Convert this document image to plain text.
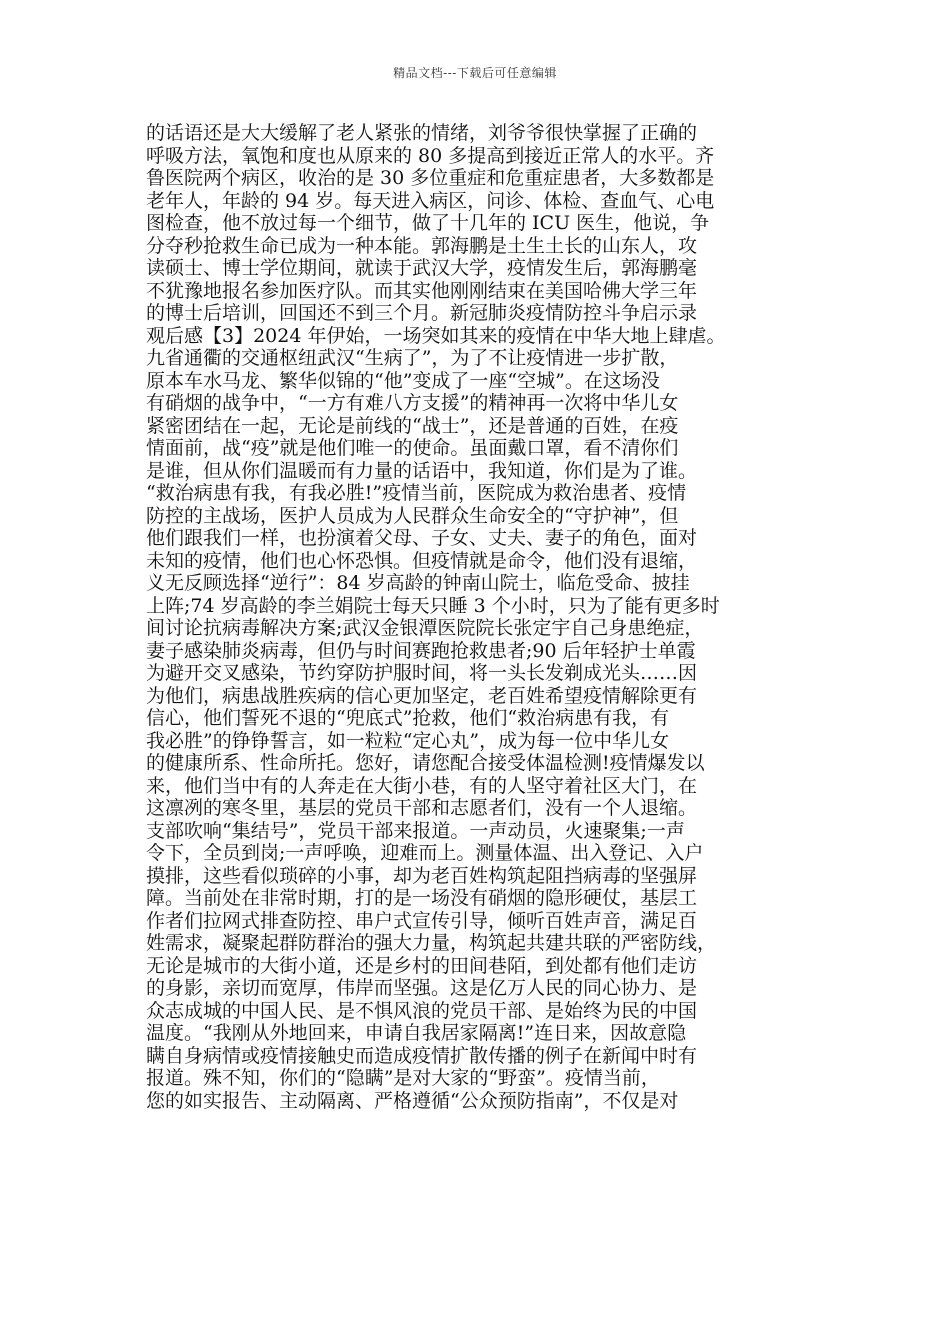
精品文档---下载后可任意编辑
的话语还是大大缓解了老人紧张的情绪，刘爷爷很快掌握了正确的
呼吸方法，氧饱和度也从原来的 80 多提高到接近正常人的水平。齐
鲁医院两个病区，收治的是 30 多位重症和危重症患者，大多数都是
老年人，年龄的 94 岁。每天进入病区，问诊、体检、查血气、心电
图检查，他不放过每一个细节，做了十几年的 ICU 医生，他说，争
分夺秒抢救生命已成为一种本能。郭海鹏是土生土长的山东人，攻
读硕士、博士学位期间，就读于武汉大学，疫情发生后，郭海鹏毫
不犹豫地报名参加医疗队。而其实他刚刚结束在美国哈佛大学三年
的博士后培训，回国还不到三个月。新冠肺炎疫情防控斗争启示录
观后感【3】2024 年伊始，一场突如其来的疫情在中华大地上肆虐。
九省通衢的交通枢纽武汉“生病了”，为了不让疫情进一步扩散，
原本车水马龙、繁华似锦的“他”变成了一座“空城”。在这场没
有硝烟的战争中，“一方有难八方支援”的精神再一次将中华儿女
紧密团结在一起，无论是前线的“战士”，还是普通的百姓，在疫
情面前，战“疫”就是他们唯一的使命。虽面戴口罩，看不清你们
是谁，但从你们温暖而有力量的话语中，我知道，你们是为了谁。
“救治病患有我，有我必胜!”疫情当前，医院成为救治患者、疫情
防控的主战场，医护人员成为人民群众生命安全的“守护神”，但
他们跟我们一样，也扮演着父母、子女、丈夫、妻子的角色，面对
未知的疫情，他们也心怀恐惧。但疫情就是命令，他们没有退缩，
义无反顾选择“逆行”：84 岁高龄的钟南山院士，临危受命、披挂
上阵;74 岁高龄的李兰娟院士每天只睡 3 个小时，只为了能有更多时
间讨论抗病毒解决方案;武汉金银潭医院院长张定宇自己身患绝症，
妻子感染肺炎病毒，但仍与时间赛跑抢救患者;90 后年轻护士单霞
为避开交叉感染，节约穿防护服时间，将一头长发剃成光头……因
为他们，病患战胜疾病的信心更加坚定，老百姓希望疫情解除更有
信心，他们誓死不退的“兜底式”抢救，他们“救治病患有我，有
我必胜”的铮铮誓言，如一粒粒“定心丸”，成为每一位中华儿女
的健康所系、性命所托。您好，请您配合接受体温检测!疫情爆发以
来，他们当中有的人奔走在大街小巷，有的人坚守着社区大门，在
这凛冽的寒冬里，基层的党员干部和志愿者们，没有一个人退缩。
支部吹响“集结号”，党员干部来报道。一声动员，火速聚集;一声
令下，全员到岗;一声呼唤，迎难而上。测量体温、出入登记、入户
摸排，这些看似琐碎的小事，却为老百姓构筑起阻挡病毒的坚强屏
障。当前处在非常时期，打的是一场没有硝烟的隐形硬仗，基层工
作者们拉网式排查防控、串户式宣传引导，倾听百姓声音，满足百
姓需求，凝聚起群防群治的强大力量，构筑起共建共联的严密防线，
无论是城市的大街小道，还是乡村的田间巷陌，到处都有他们走访
的身影，亲切而宽厚，伟岸而坚强。这是亿万人民的同心协力、是
众志成城的中国人民、是不惧风浪的党员干部、是始终为民的中国
温度。“我刚从外地回来，申请自我居家隔离!”连日来，因故意隐
瞒自身病情或疫情接触史而造成疫情扩散传播的例子在新闻中时有
报道。殊不知，你们的“隐瞒”是对大家的“野蛮”。疫情当前，
您的如实报告、主动隔离、严格遵循“公众预防指南”，不仅是对
